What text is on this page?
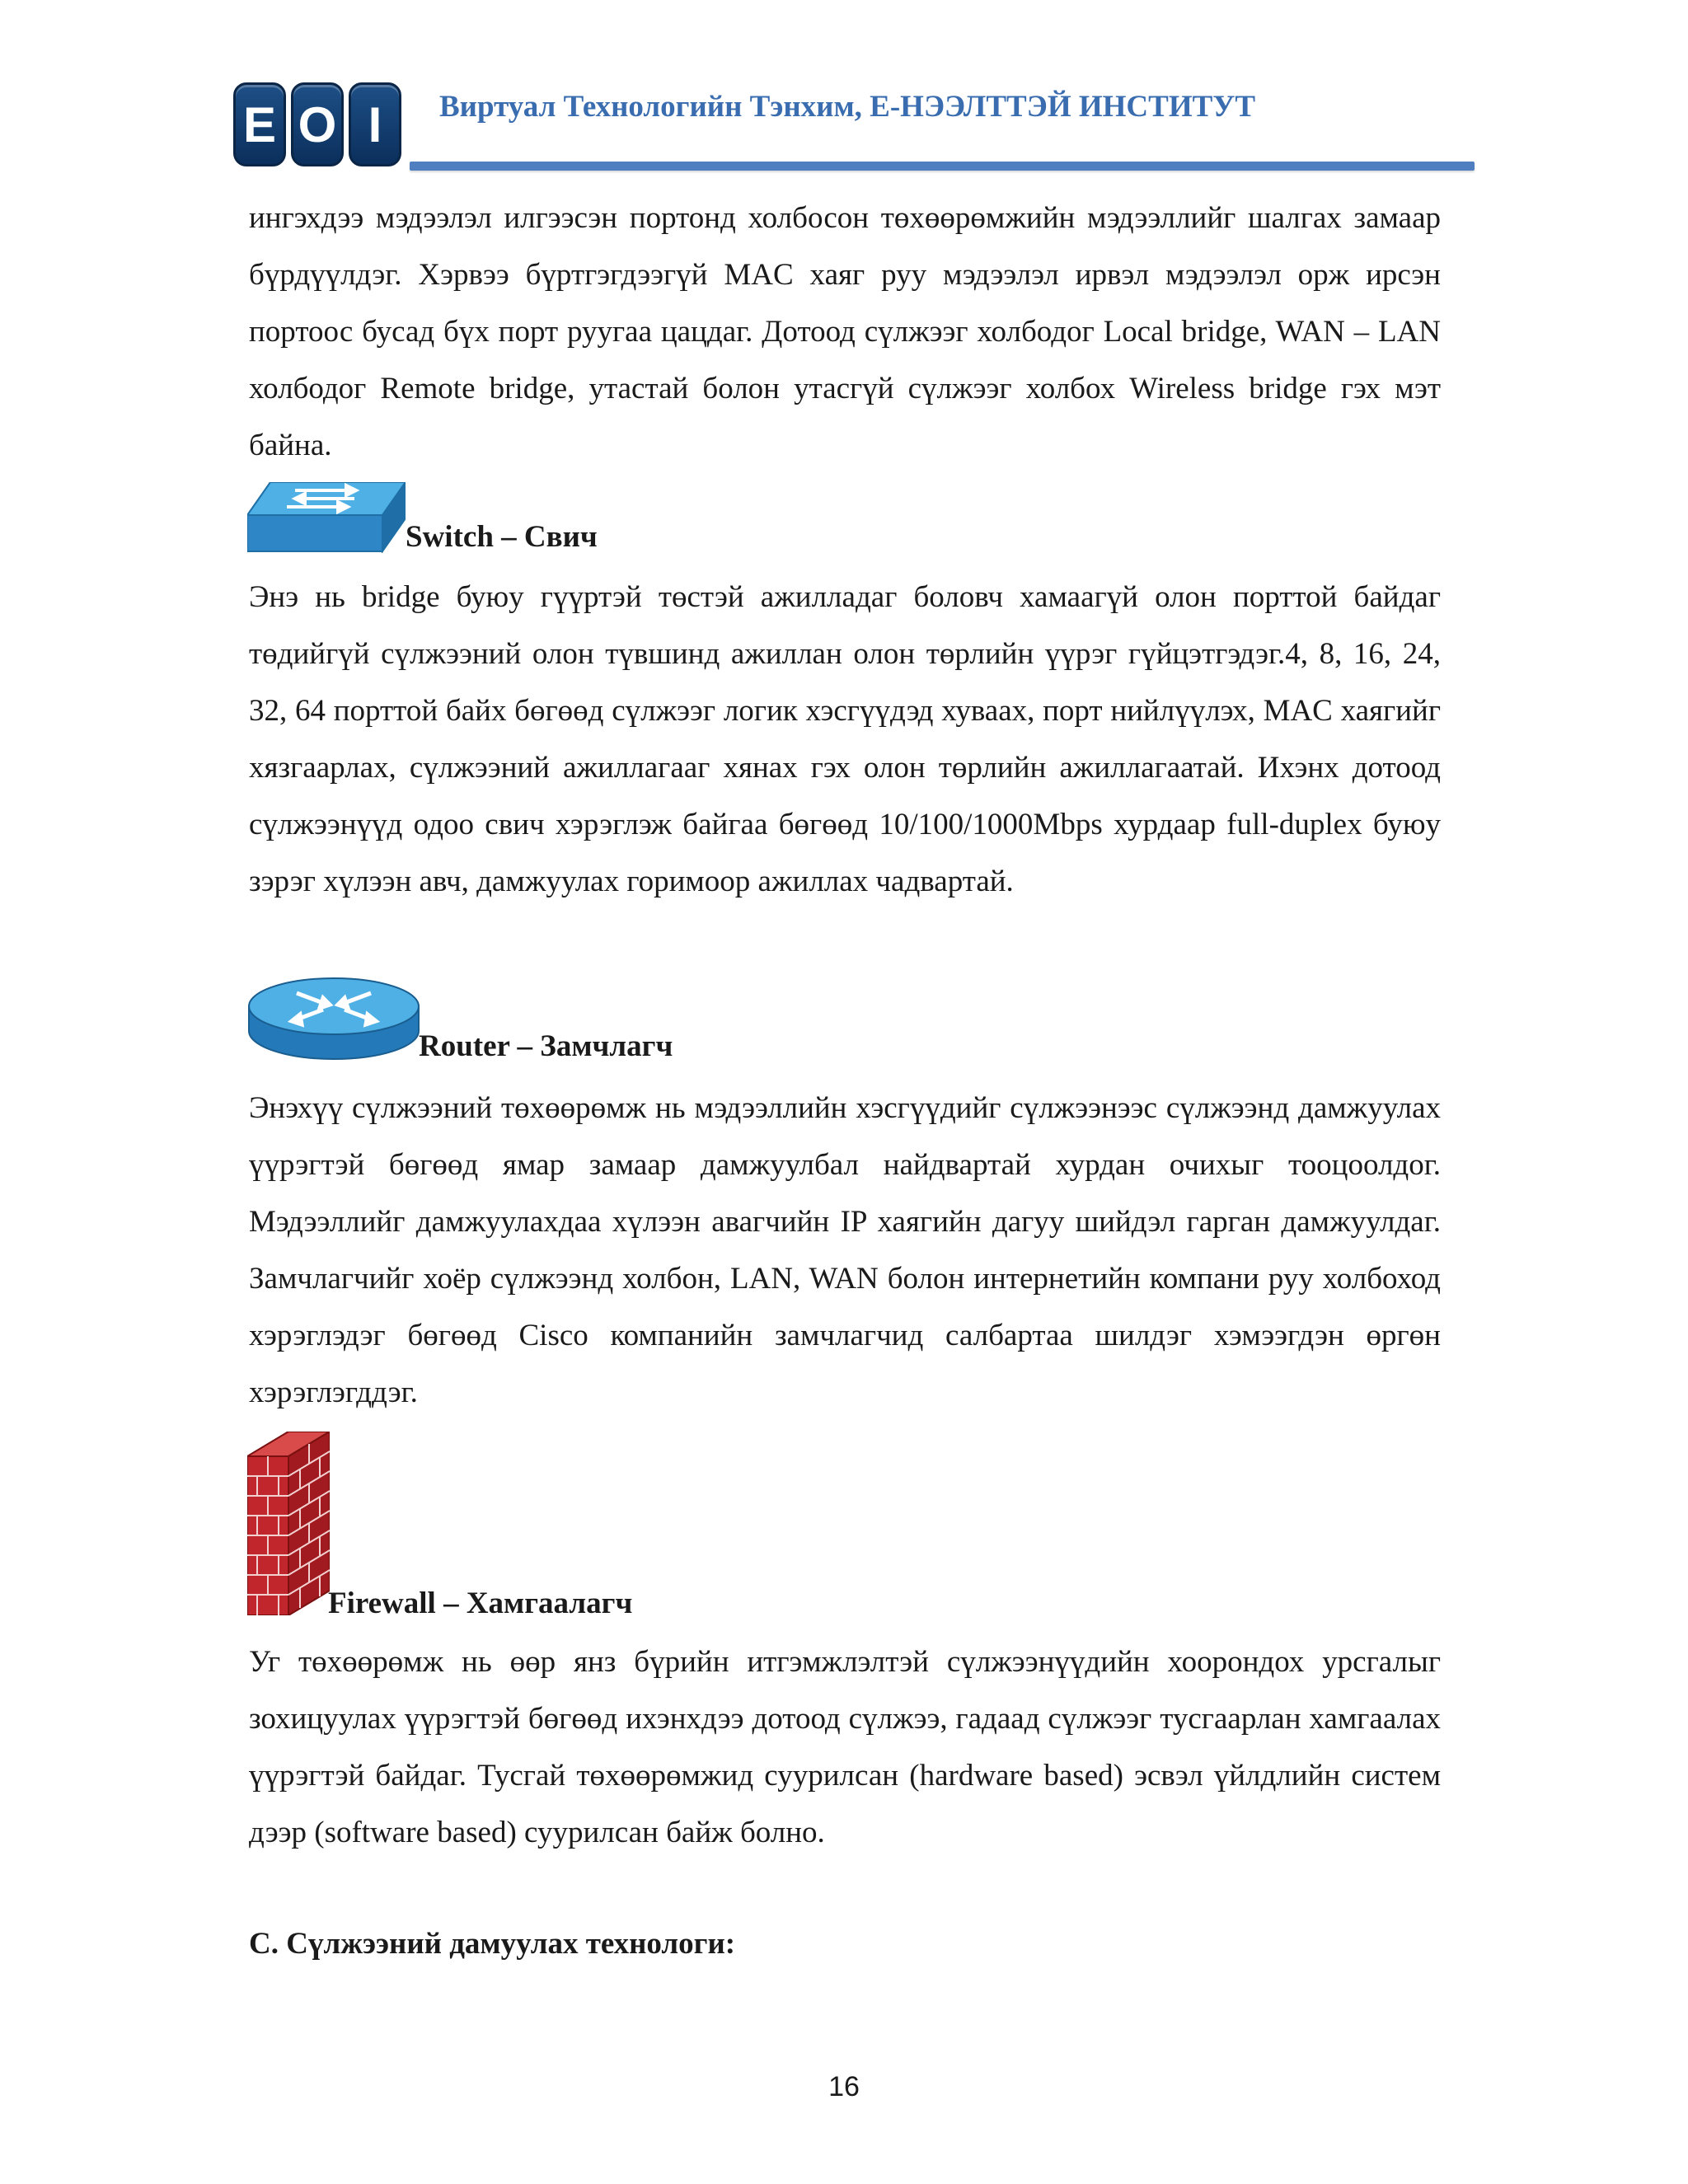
E O I	Виртуал Технологийн Тэнхим, Е-НЭЭЛТТЭЙ ИНСТИТУТ

ингэхдээ мэдээлэл илгээсэн портонд холбосон төхөөрөмжийн мэдээллийг шалгах замаар бүрдүүлдэг. Хэрвээ бүртгэгдээгүй MAC хаяг руу мэдээлэл ирвэл мэдээлэл орж ирсэн портоос бусад бүх порт руугаа цацдаг. Дотоод сүлжээг холбодог Local bridge, WAN – LAN холбодог Remote bridge, утастай болон утасгүй сүлжээг холбох Wireless bridge гэх мэт байна.

Switch – Свич

Энэ нь bridge буюу гүүртэй төстэй ажилладаг боловч хамаагүй олон порттой байдаг төдийгүй сүлжээний олон түвшинд ажиллан олон төрлийн үүрэг гүйцэтгэдэг.4, 8, 16, 24, 32, 64 порттой байх бөгөөд сүлжээг логик хэсгүүдэд хуваах, порт нийлүүлэх, MAC хаягийг хязгаарлах, сүлжээний ажиллагааг хянах гэх олон төрлийн ажиллагаатай. Ихэнх дотоод сүлжээнүүд одоо свич хэрэглэж байгаа бөгөөд 10/100/1000Mbps хурдаар full-duplex буюу зэрэг хүлээн авч, дамжуулах горимоор ажиллах чадвартай.

Router – Замчлагч

Энэхүү сүлжээний төхөөрөмж нь мэдээллийн хэсгүүдийг сүлжээнээс сүлжээнд дамжуулах үүрэгтэй бөгөөд ямар замаар дамжуулбал найдвартай хурдан очихыг тооцоолдог. Мэдээллийг дамжуулахдаа хүлээн авагчийн IP хаягийн дагуу шийдэл гарган дамжуулдаг. Замчлагчийг хоёр сүлжээнд холбон, LAN, WAN болон интернетийн компани руу холбоход хэрэглэдэг бөгөөд Cisco компанийн замчлагчид салбартаа шилдэг хэмээгдэн өргөн хэрэглэгддэг.

Firewall – Хамгаалагч

Уг төхөөрөмж нь өөр янз бүрийн итгэмжлэлтэй сүлжээнүүдийн хоорондох урсгалыг зохицуулах үүрэгтэй бөгөөд ихэнхдээ дотоод сүлжээ, гадаад сүлжээг тусгаарлан хамгаалах үүрэгтэй байдаг. Тусгай төхөөрөмжид суурилсан (hardware based) эсвэл үйлдлийн систем дээр (software based) суурилсан байж болно.

C. Сүлжээний дамуулах технологи:
16
